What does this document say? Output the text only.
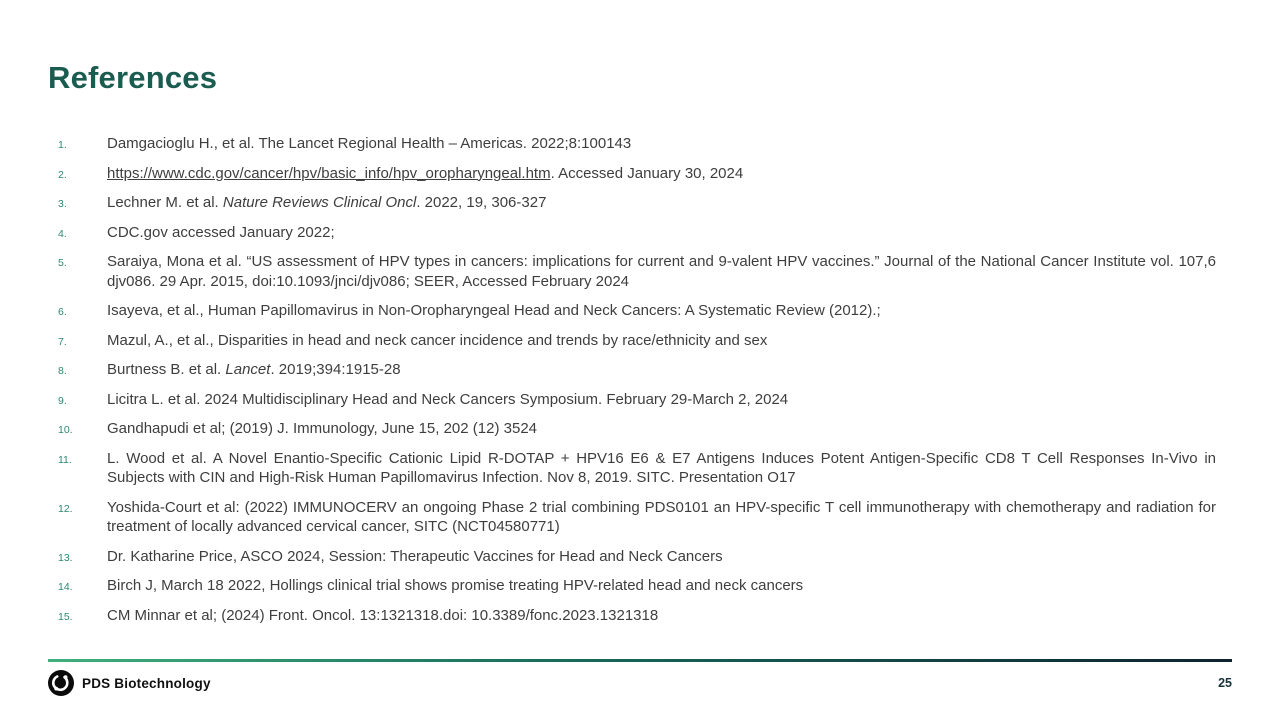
References
1.	Damgacioglu H., et al. The Lancet Regional Health – Americas. 2022;8:100143
2.	https://www.cdc.gov/cancer/hpv/basic_info/hpv_oropharyngeal.htm. Accessed January 30, 2024
3.	Lechner M. et al. Nature Reviews Clinical Oncl. 2022, 19, 306-327
4.	CDC.gov accessed January 2022;
5.	Saraiya, Mona et al. “US assessment of HPV types in cancers: implications for current and 9-valent HPV vaccines.” Journal of the National Cancer Institute vol. 107,6 djv086. 29 Apr. 2015, doi:10.1093/jnci/djv086; SEER, Accessed February 2024
6.	Isayeva, et al., Human Papillomavirus in Non-Oropharyngeal Head and Neck Cancers: A Systematic Review (2012).;
7.	Mazul, A., et al., Disparities in head and neck cancer incidence and trends by race/ethnicity and sex
8.	Burtness B. et al. Lancet. 2019;394:1915-28
9.	Licitra L. et al. 2024 Multidisciplinary Head and Neck Cancers Symposium. February 29-March 2, 2024
10.	Gandhapudi et al; (2019) J. Immunology, June 15, 202 (12) 3524
11.	L. Wood et al. A Novel Enantio-Specific Cationic Lipid R-DOTAP + HPV16 E6 & E7 Antigens Induces Potent Antigen-Specific CD8 T Cell Responses In-Vivo in Subjects with CIN and High-Risk Human Papillomavirus Infection. Nov 8, 2019. SITC. Presentation O17
12.	Yoshida-Court et al: (2022) IMMUNOCERV an ongoing Phase 2 trial combining PDS0101 an HPV-specific T cell immunotherapy with chemotherapy and radiation for treatment of locally advanced cervical cancer, SITC (NCT04580771)
13.	Dr. Katharine Price, ASCO 2024, Session: Therapeutic Vaccines for Head and Neck Cancers
14.	Birch J, March 18 2022, Hollings clinical trial shows promise treating HPV-related head and neck cancers
15.	CM Minnar et al; (2024) Front. Oncol. 13:1321318.doi: 10.3389/fonc.2023.1321318
PDS Biotechnology	25
